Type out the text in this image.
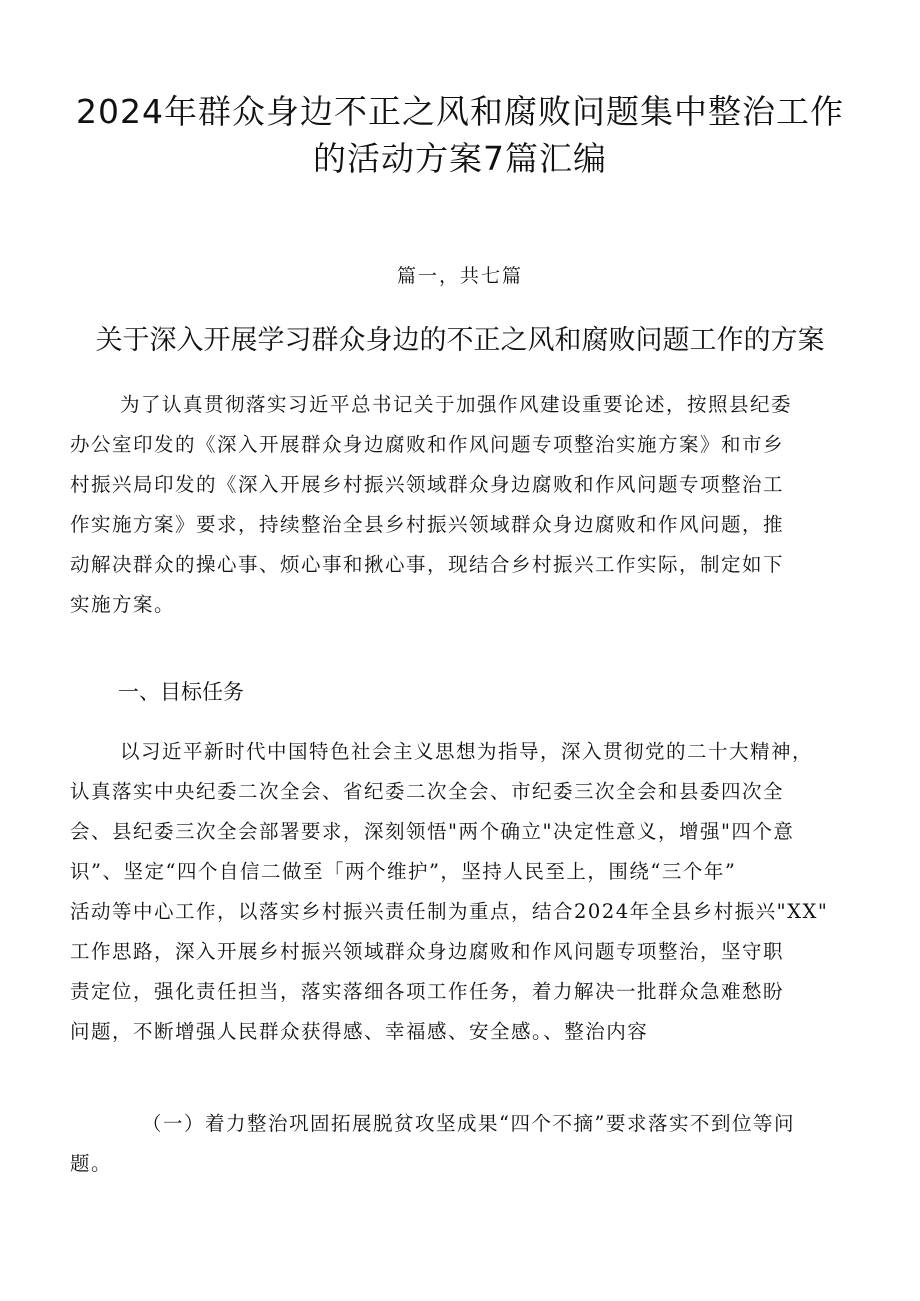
2024年群众身边不正之风和腐败问题集中整治工作
的活动方案7篇汇编
篇一，共七篇
关于深入开展学习群众身边的不正之风和腐败问题工作的方案
为了认真贯彻落实习近平总书记关于加强作风建设重要论述，按照县纪委
办公室印发的《深入开展群众身边腐败和作风问题专项整治实施方案》和市乡
村振兴局印发的《深入开展乡村振兴领域群众身边腐败和作风问题专项整治工
作实施方案》要求，持续整治全县乡村振兴领域群众身边腐败和作风问题，推
动解决群众的操心事、烦心事和揪心事，现结合乡村振兴工作实际，制定如下
实施方案。
一、目标任务
以习近平新时代中国特色社会主义思想为指导，深入贯彻党的二十大精神，
认真落实中央纪委二次全会、省纪委二次全会、市纪委三次全会和县委四次全
会、县纪委三次全会部署要求，深刻领悟"两个确立"决定性意义，增强"四个意
识”、坚定“四个自信二做至「两个维护”，坚持人民至上，围绕“三个年”
活动等中心工作，以落实乡村振兴责任制为重点，结合2024年全县乡村振兴"XX"
工作思路，深入开展乡村振兴领域群众身边腐败和作风问题专项整治，坚守职
责定位，强化责任担当，落实落细各项工作任务，着力解决一批群众急难愁盼
问题，不断增强人民群众获得感、幸福感、安全感。、整治内容
（一）着力整治巩固拓展脱贫攻坚成果“四个不摘”要求落实不到位等问
题。
